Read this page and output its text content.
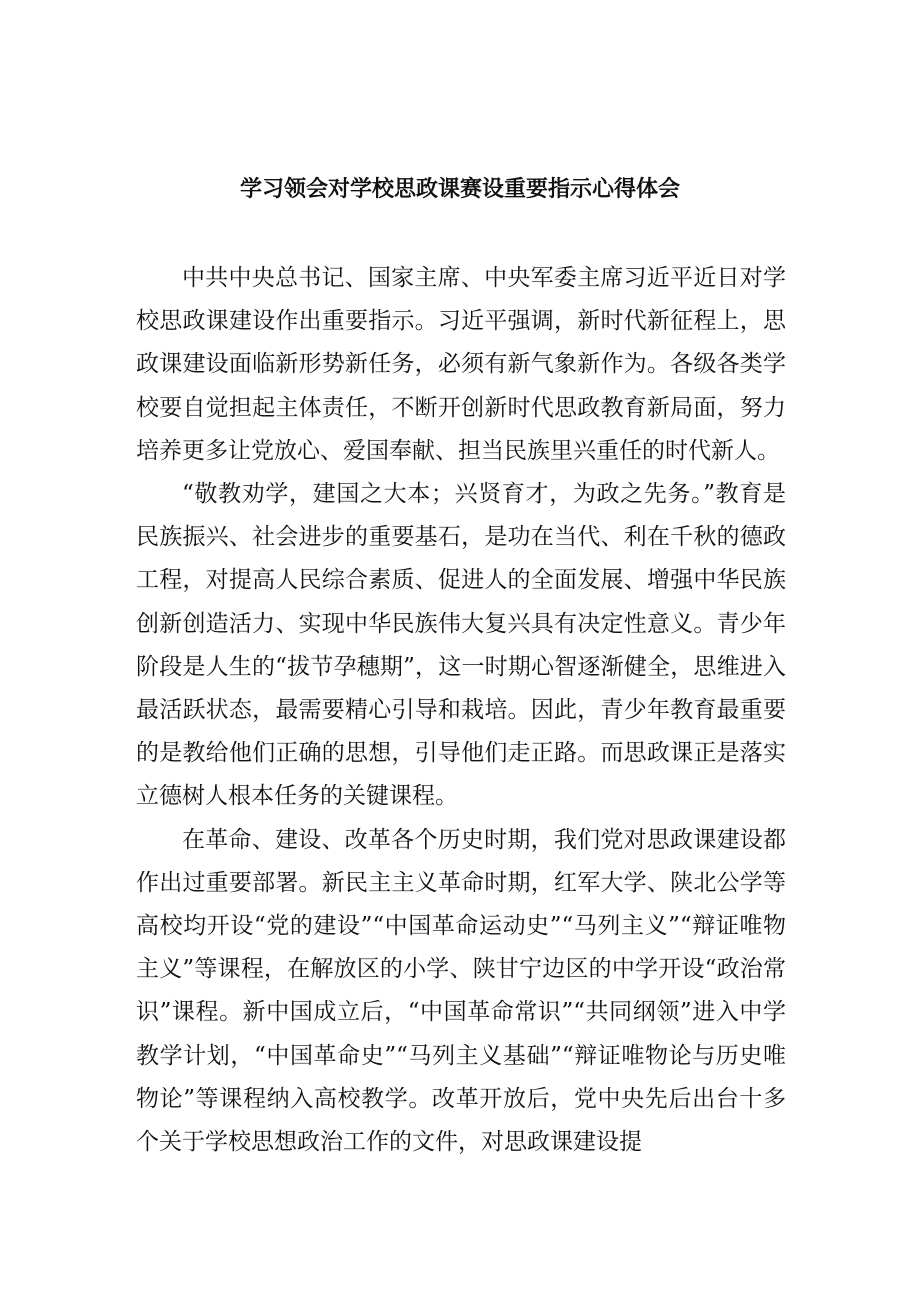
学习领会对学校思政课赛设重要指示心得体会

中共中央总书记、国家主席、中央军委主席习近平近日对学校思政课建设作出重要指示。习近平强调，新时代新征程上，思政课建设面临新形势新任务，必须有新气象新作为。各级各类学校要自觉担起主体责任，不断开创新时代思政教育新局面，努力培养更多让党放心、爱国奉献、担当民族里兴重任的时代新人。

“敬教劝学，建国之大本；兴贤育才，为政之先务。”教育是民族振兴、社会进步的重要基石，是功在当代、利在千秋的德政工程，对提高人民综合素质、促进人的全面发展、增强中华民族创新创造活力、实现中华民族伟大复兴具有决定性意义。青少年阶段是人生的“拔节孕穗期”，这一时期心智逐渐健全，思维进入最活跃状态，最需要精心引导和栽培。因此，青少年教育最重要的是教给他们正确的思想，引导他们走正路。而思政课正是落实立德树人根本任务的关键课程。

在革命、建设、改革各个历史时期，我们党对思政课建设都作出过重要部署。新民主主义革命时期，红军大学、陕北公学等高校均开设“党的建设”“中国革命运动史”“马列主义”“辩证唯物主义”等课程，在解放区的小学、陕甘宁边区的中学开设“政治常识”课程。新中国成立后，“中国革命常识”“共同纲领”进入中学教学计划，“中国革命史”“马列主义基础”“辩证唯物论与历史唯物论”等课程纳入高校教学。改革开放后，党中央先后出台十多个关于学校思想政治工作的文件，对思政课建设提
